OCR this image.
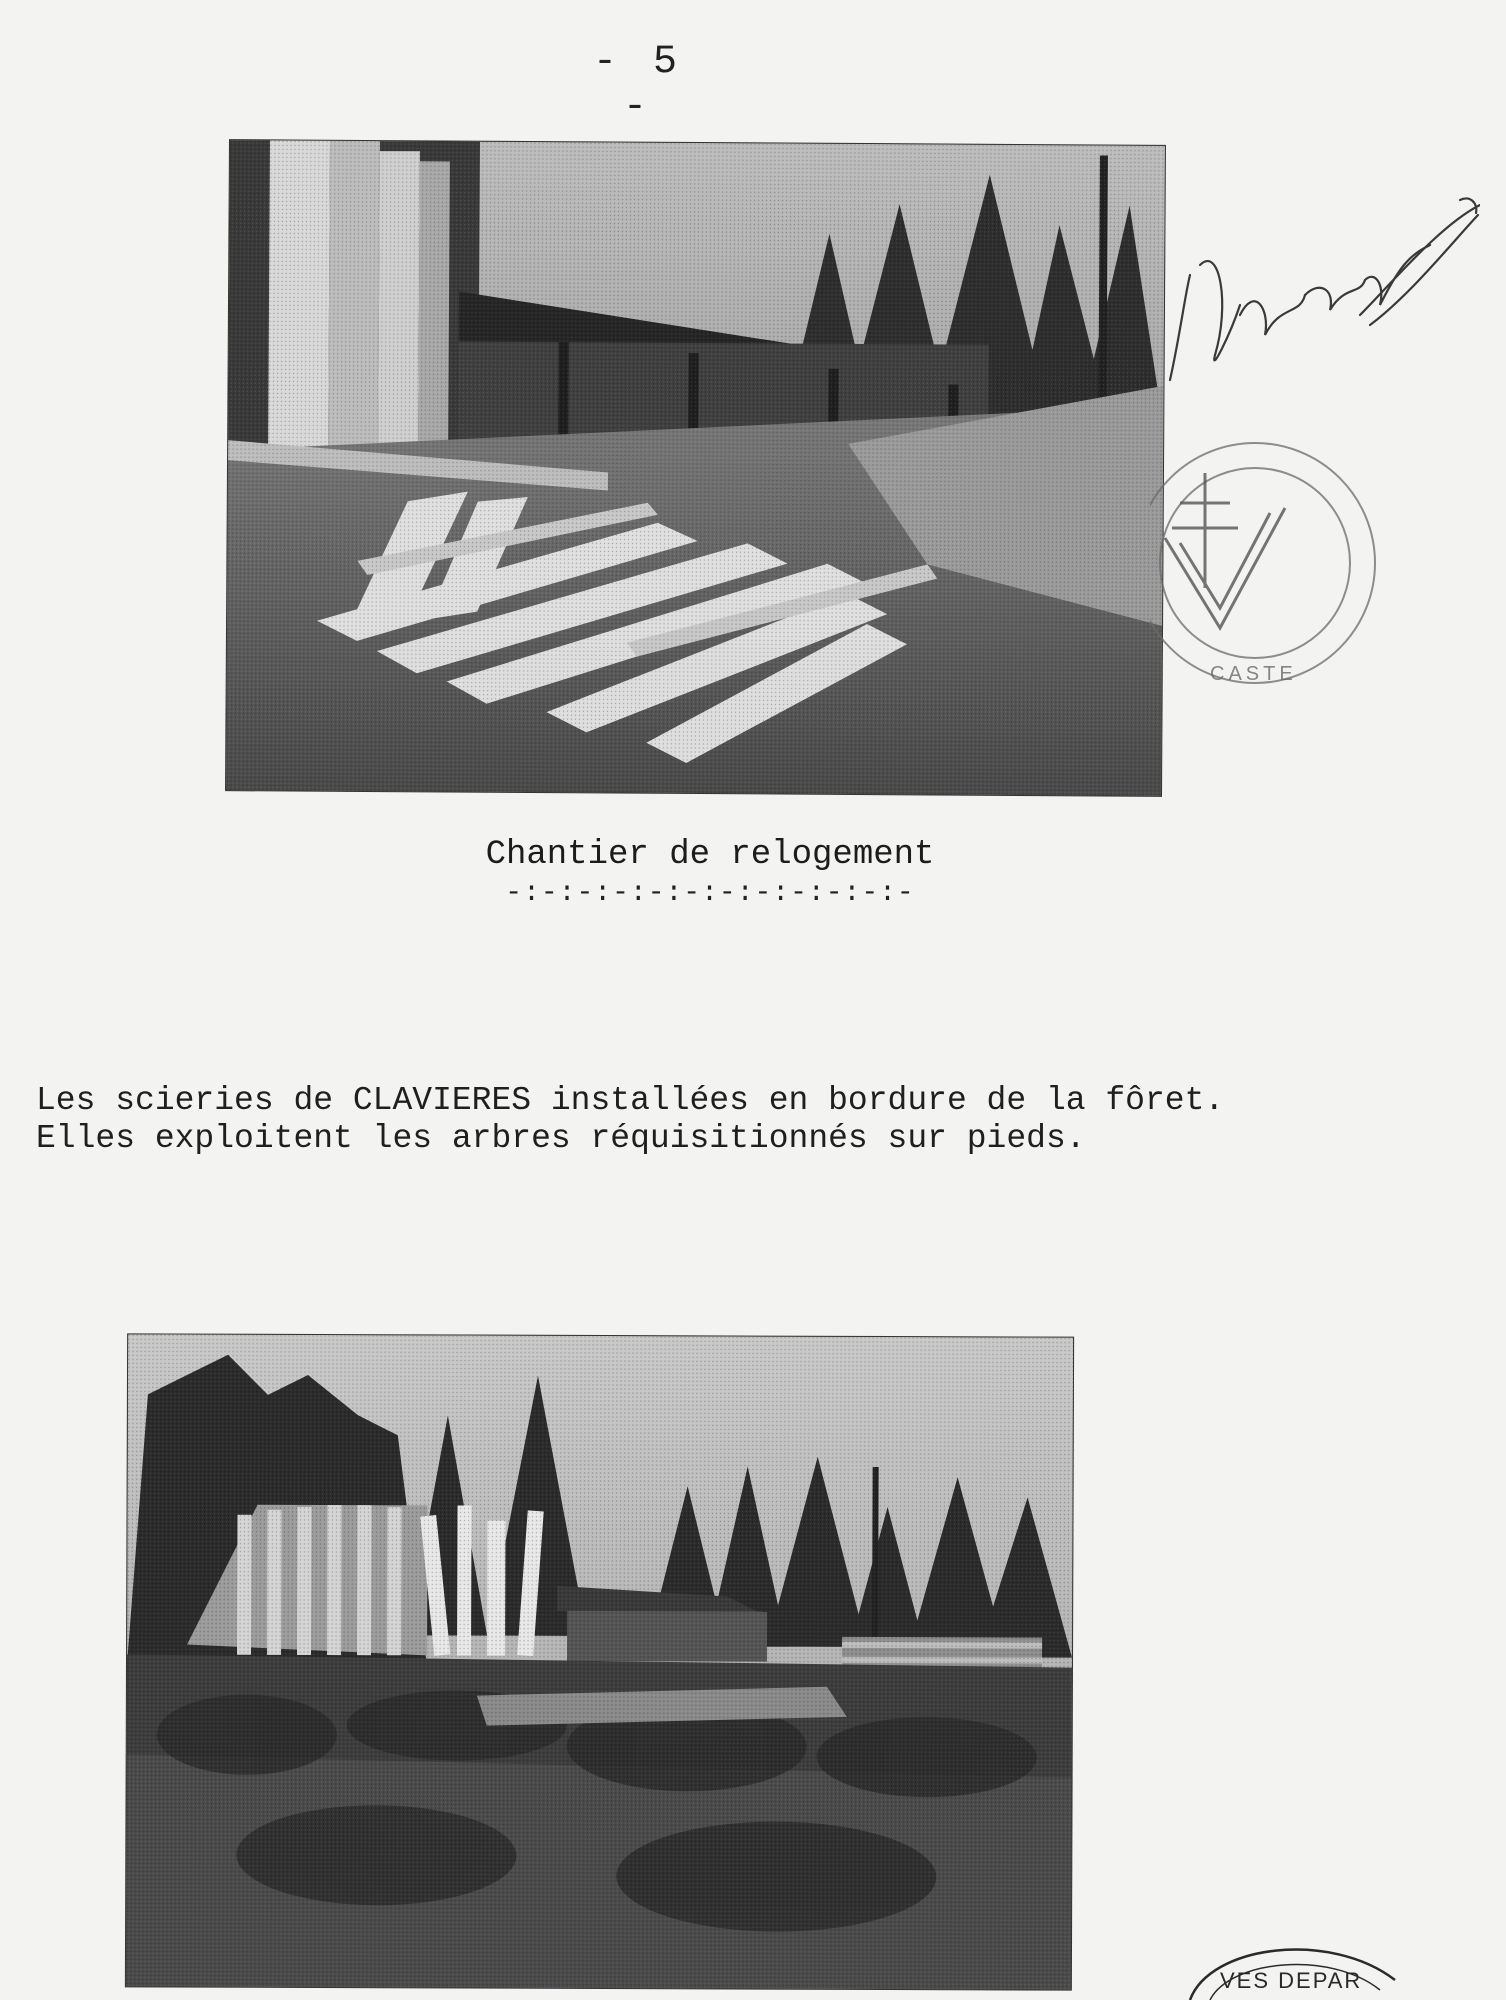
- 5 -
Chantier de relogement
-:-:-:-:-:-:-:-:-:-:-:-

Les scieries de CLAVIERES installées en bordure de la fôret.

Elles exploitent les arbres réquisitionnés sur pieds.

CASTE
VES DEPAR
